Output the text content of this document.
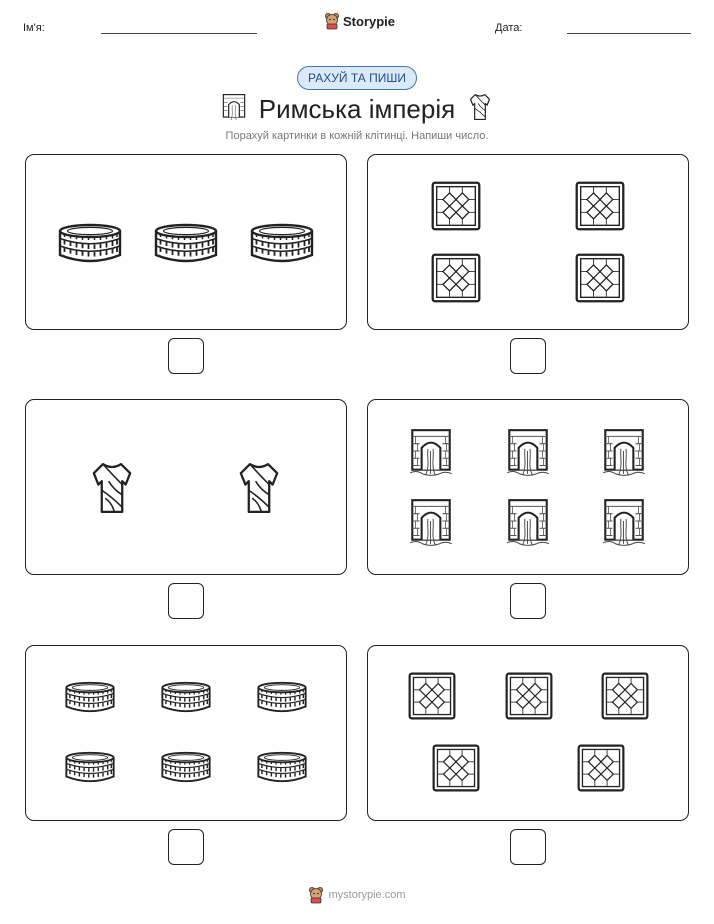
Ім'я:	Storypie	Дата:
РАХУЙ ТА ПИШИ
Римська імперія
Порахуй картинки в кожній клітинці. Напиши число.
mystorypie.com
